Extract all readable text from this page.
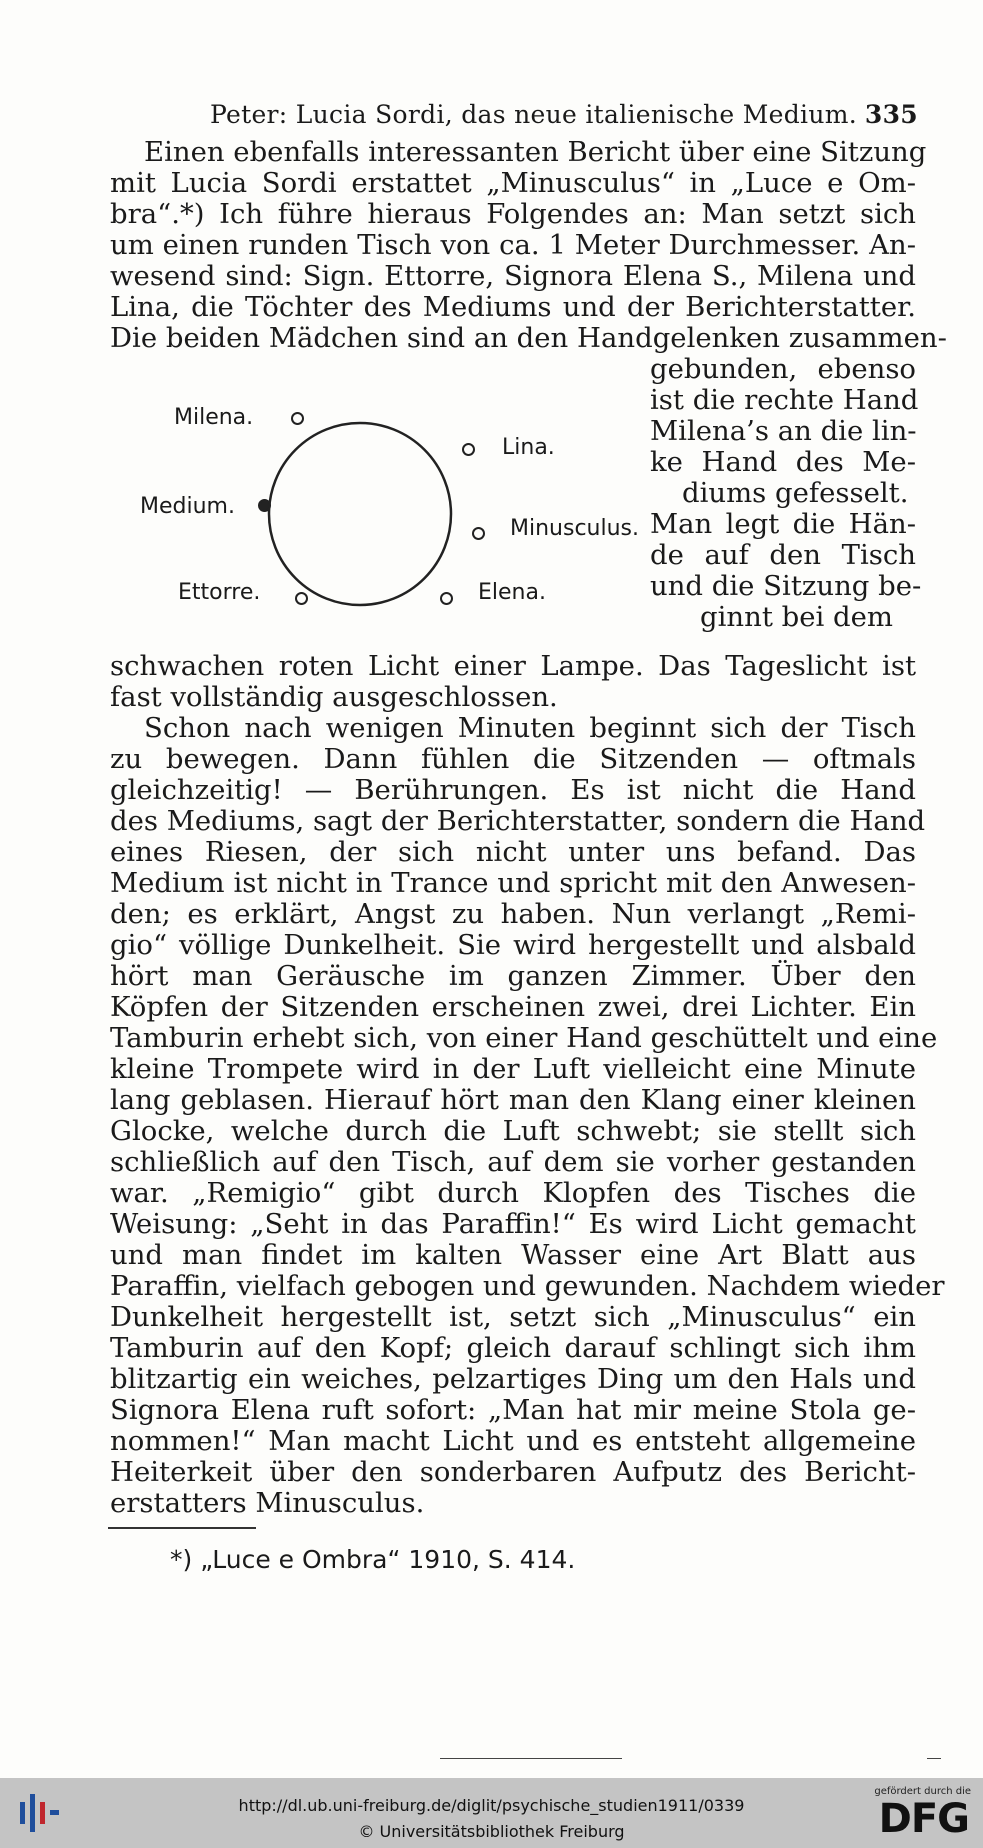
Peter: Lucia Sordi, das neue italienische Medium. 335
Einen ebenfalls interessanten Bericht über eine Sitzung
mit Lucia Sordi erstattet „Minusculus“ in „Luce e Om-
bra“.*) Ich führe hieraus Folgendes an: Man setzt sich
um einen runden Tisch von ca. 1 Meter Durchmesser. An-
wesend sind: Sign. Ettorre, Signora Elena S., Milena und
Lina, die Töchter des Mediums und der Berichterstatter.
Die beiden Mädchen sind an den Handgelenken zusammen-
gebunden, ebenso
ist die rechte Hand
Milena’s an die lin-
ke Hand des Me-
diums gefesselt.
Man legt die Hän-
de auf den Tisch
und die Sitzung be-
ginnt bei dem
Milena.
Lina.
Medium.
Minusculus.
Ettorre.	Elena.
schwachen roten Licht einer Lampe. Das Tageslicht ist
fast vollständig ausgeschlossen.
Schon nach wenigen Minuten beginnt sich der Tisch
zu bewegen. Dann fühlen die Sitzenden — oftmals
gleichzeitig! — Berührungen. Es ist nicht die Hand
des Mediums, sagt der Berichterstatter, sondern die Hand
eines Riesen, der sich nicht unter uns befand. Das
Medium ist nicht in Trance und spricht mit den Anwesen-
den; es erklärt, Angst zu haben. Nun verlangt „Remi-
gio“ völlige Dunkelheit. Sie wird hergestellt und alsbald
hört man Geräusche im ganzen Zimmer. Über den
Köpfen der Sitzenden erscheinen zwei, drei Lichter. Ein
Tamburin erhebt sich, von einer Hand geschüttelt und eine
kleine Trompete wird in der Luft vielleicht eine Minute
lang geblasen. Hierauf hört man den Klang einer kleinen
Glocke, welche durch die Luft schwebt; sie stellt sich
schließlich auf den Tisch, auf dem sie vorher gestanden
war. „Remigio“ gibt durch Klopfen des Tisches die
Weisung: „Seht in das Paraffin!“ Es wird Licht gemacht
und man findet im kalten Wasser eine Art Blatt aus
Paraffin, vielfach gebogen und gewunden. Nachdem wieder
Dunkelheit hergestellt ist, setzt sich „Minusculus“ ein
Tamburin auf den Kopf; gleich darauf schlingt sich ihm
blitzartig ein weiches, pelzartiges Ding um den Hals und
Signora Elena ruft sofort: „Man hat mir meine Stola ge-
nommen!“ Man macht Licht und es entsteht allgemeine
Heiterkeit über den sonderbaren Aufputz des Bericht-
erstatters Minusculus.
*) „Luce e Ombra“ 1910, S. 414.
http://dl.ub.uni-freiburg.de/diglit/psychische_studien1911/0339
© Universitätsbibliothek Freiburg
gefördert durch die
DFG
